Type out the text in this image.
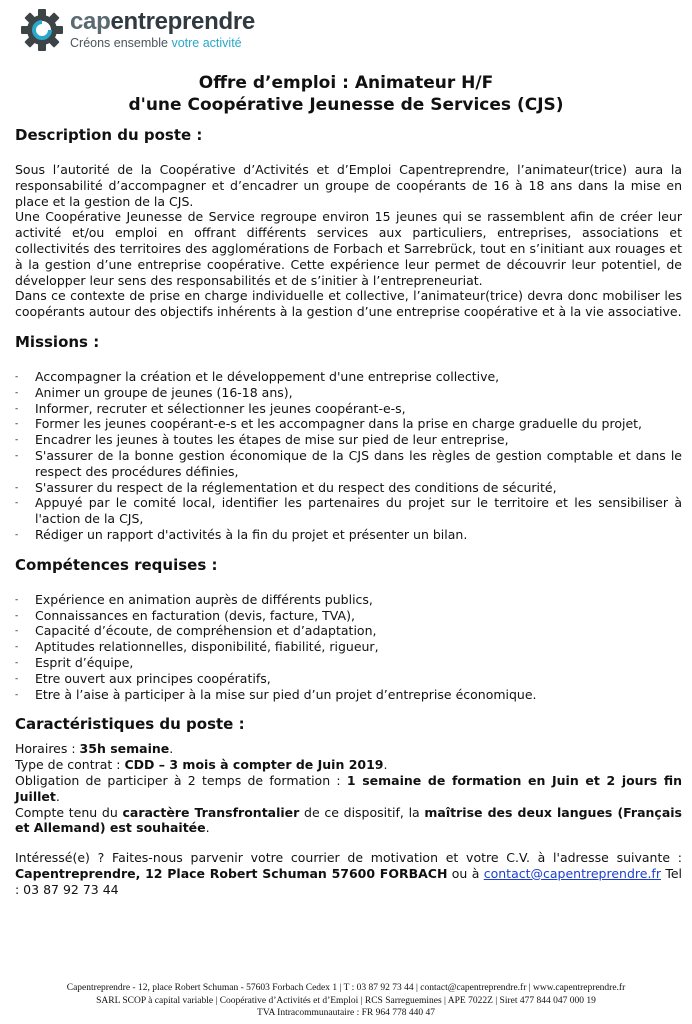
capentreprendre
Créons ensemble votre activité
Offre d’emploi : Animateur H/F
d'une Coopérative Jeunesse de Services (CJS)
Description du poste :

Sous l’autorité de la Coopérative d’Activités et d’Emploi Capentreprendre, l’animateur(trice) aura la responsabilité d’accompagner et d’encadrer un groupe de coopérants de 16 à 18 ans dans la mise en place et la gestion de la CJS.

Une Coopérative Jeunesse de Service regroupe environ 15 jeunes qui se rassemblent afin de créer leur activité et/ou emploi en offrant différents services aux particuliers, entreprises, associations et collectivités des territoires des agglomérations de Forbach et Sarrebrück, tout en s’initiant aux rouages et à la gestion d’une entreprise coopérative. Cette expérience leur permet de découvrir leur potentiel, de développer leur sens des responsabilités et de s’initier à l’entrepreneuriat.

Dans ce contexte de prise en charge individuelle et collective, l’animateur(trice) devra donc mobiliser les coopérants autour des objectifs inhérents à la gestion d’une entreprise coopérative et à la vie associative.

Missions :
- Accompagner la création et le développement d'une entreprise collective,
- Animer un groupe de jeunes (16-18 ans),
- Informer, recruter et sélectionner les jeunes coopérant-e-s,
- Former les jeunes coopérant-e-s et les accompagner dans la prise en charge graduelle du projet,
- Encadrer les jeunes à toutes les étapes de mise sur pied de leur entreprise,
- S'assurer de la bonne gestion économique de la CJS dans les règles de gestion comptable et dans le respect des procédures définies,
- S'assurer du respect de la réglementation et du respect des conditions de sécurité,
- Appuyé par le comité local, identifier les partenaires du projet sur le territoire et les sensibiliser à l'action de la CJS,
- Rédiger un rapport d'activités à la fin du projet et présenter un bilan.
Compétences requises :
- Expérience en animation auprès de différents publics,
- Connaissances en facturation (devis, facture, TVA),
- Capacité d’écoute, de compréhension et d’adaptation,
- Aptitudes relationnelles, disponibilité, fiabilité, rigueur,
- Esprit d’équipe,
- Etre ouvert aux principes coopératifs,
- Etre à l’aise à participer à la mise sur pied d’un projet d’entreprise économique.
Caractéristiques du poste :

Horaires : 35h semaine.

Type de contrat : CDD – 3 mois à compter de Juin 2019.

Obligation de participer à 2 temps de formation : 1 semaine de formation en Juin et 2 jours fin Juillet.

Compte tenu du caractère Transfrontalier de ce dispositif, la maîtrise des deux langues (Français et Allemand) est souhaitée.

Intéressé(e) ? Faites-nous parvenir votre courrier de motivation et votre C.V. à l'adresse suivante : Capentreprendre, 12 Place Robert Schuman 57600 FORBACH ou à contact@capentreprendre.fr Tel : 03 87 92 73 44

Capentreprendre - 12, place Robert Schuman - 57603 Forbach Cedex 1 | T : 03 87 92 73 44 | contact@capentreprendre.fr | www.capentreprendre.fr
SARL SCOP à capital variable | Coopérative d’Activités et d’Emploi | RCS Sarreguemines | APE 7022Z | Siret 477 844 047 000 19
TVA Intracommunautaire : FR 964 778 440 47
